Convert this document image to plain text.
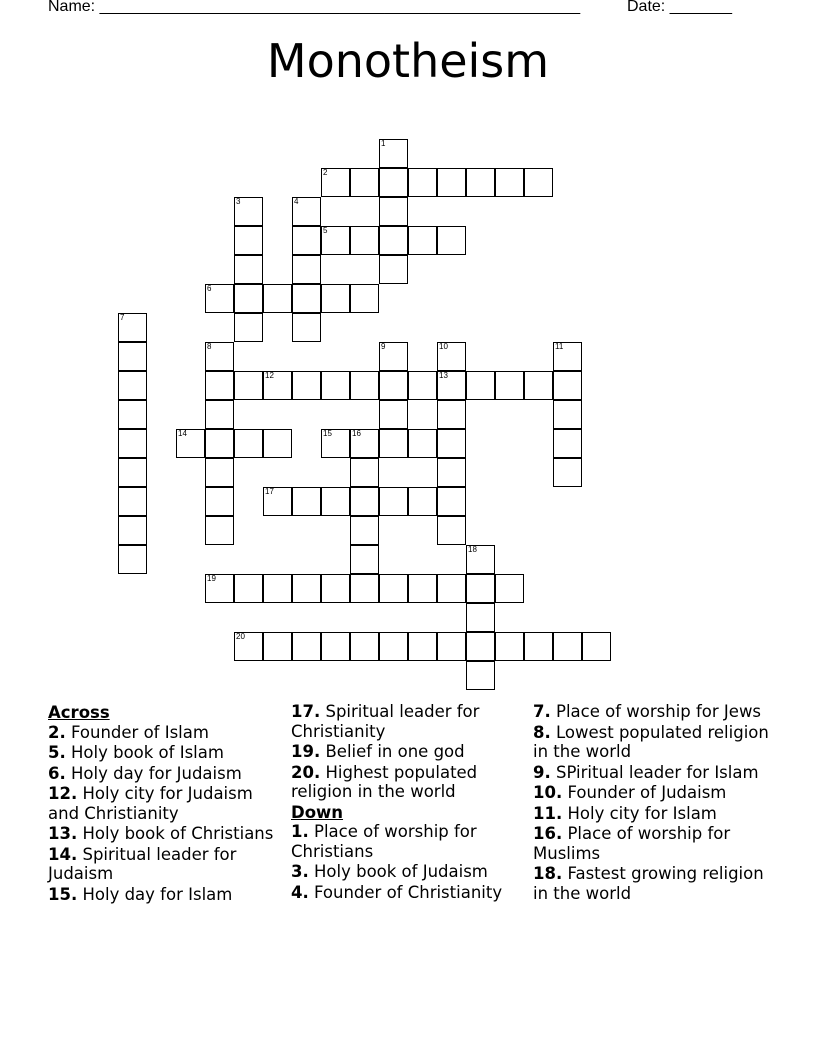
Name: ______________________________________________________	Date: _______
Monotheism
1
2
3	4
5
6
7
8	9	10
13
11
12
14	15	16
17
18
19
20
Across
2. Founder of Islam
5. Holy book of Islam
6. Holy day for Judaism
12. Holy city for Judaism and Christianity
13. Holy book of Christians
14. Spiritual leader for Judaism
15. Holy day for Islam
17. Spiritual leader for Christianity
19. Belief in one god
20. Highest populated religion in the world
Down
1. Place of worship for Christians
3. Holy book of Judaism
4. Founder of Christianity
7. Place of worship for Jews
8. Lowest populated religion in the world
9. SPiritual leader for Islam
10. Founder of Judaism
11. Holy city for Islam
16. Place of worship for Muslims
18. Fastest growing religion in the world
